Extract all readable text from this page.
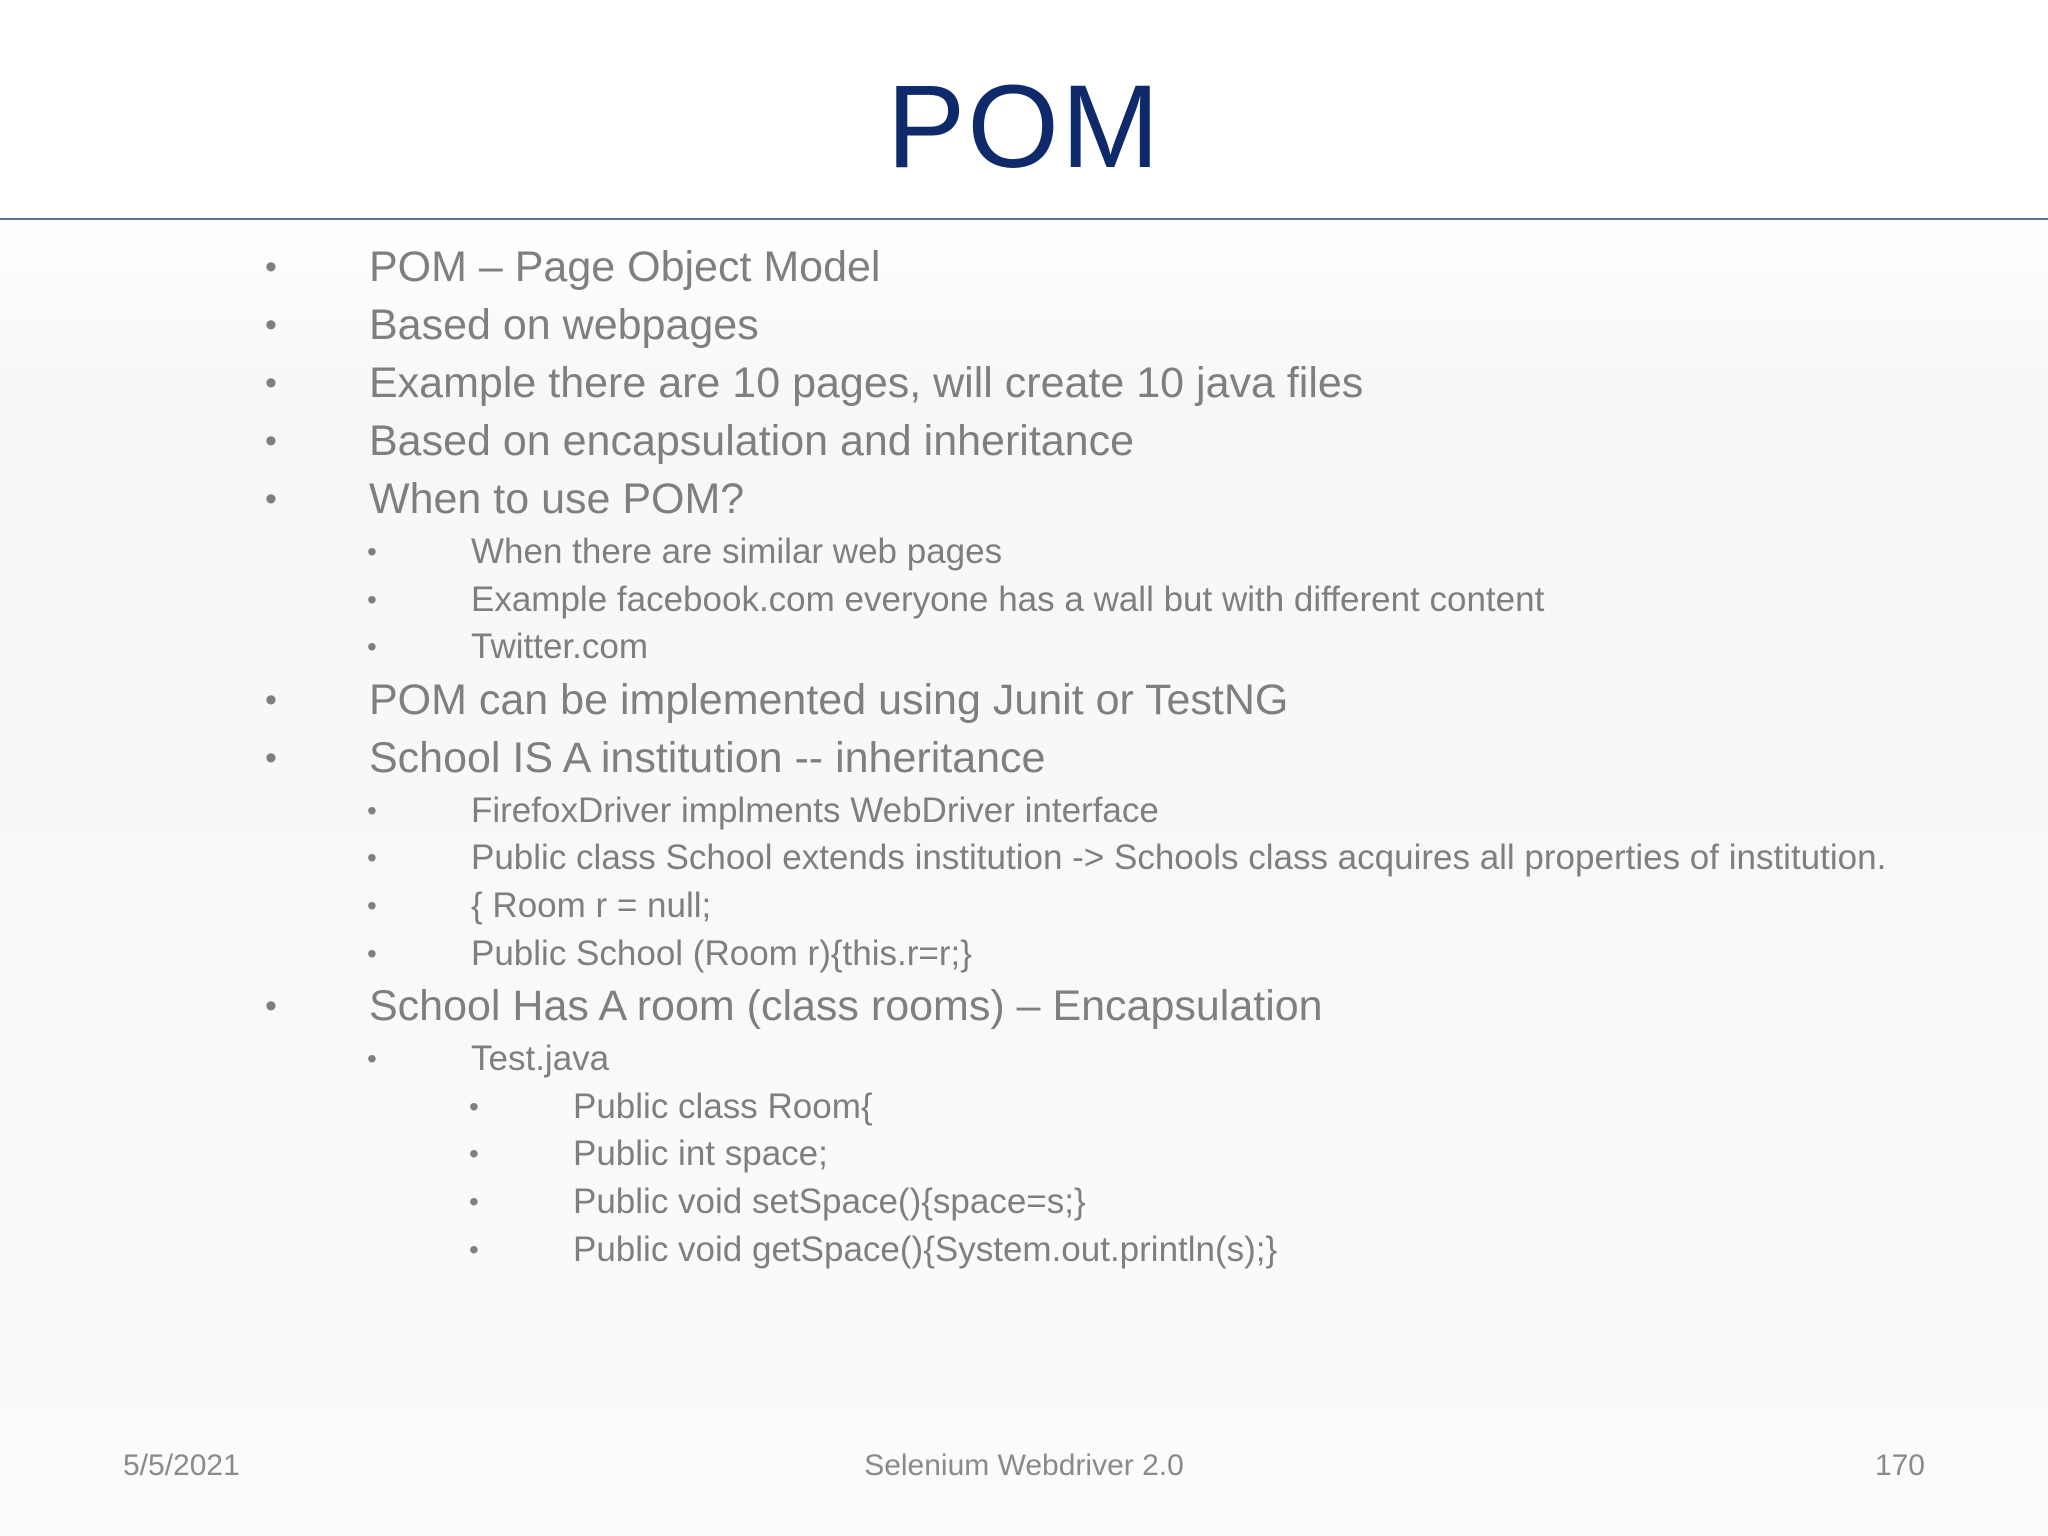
POM
• POM – Page Object Model
• Based on webpages
• Example there are 10 pages, will create 10 java files
• Based on encapsulation and inheritance
• When to use POM?
•	When there are similar web pages
•	Example facebook.com everyone has a wall but with different content
•	Twitter.com
• POM can be implemented using Junit or TestNG
• School IS A institution -- inheritance
•	FirefoxDriver implments WebDriver interface
•	Public class School extends institution -> Schools class acquires all properties of institution.
•	{ Room r = null;
•	Public School (Room r){this.r=r;}
• School Has A room (class rooms) – Encapsulation
•	Test.java
•	Public class Room{
•	Public int space;
•	Public void setSpace(){space=s;}
•	Public void getSpace(){System.out.println(s);}
5/5/2021	Selenium Webdriver 2.0	170
